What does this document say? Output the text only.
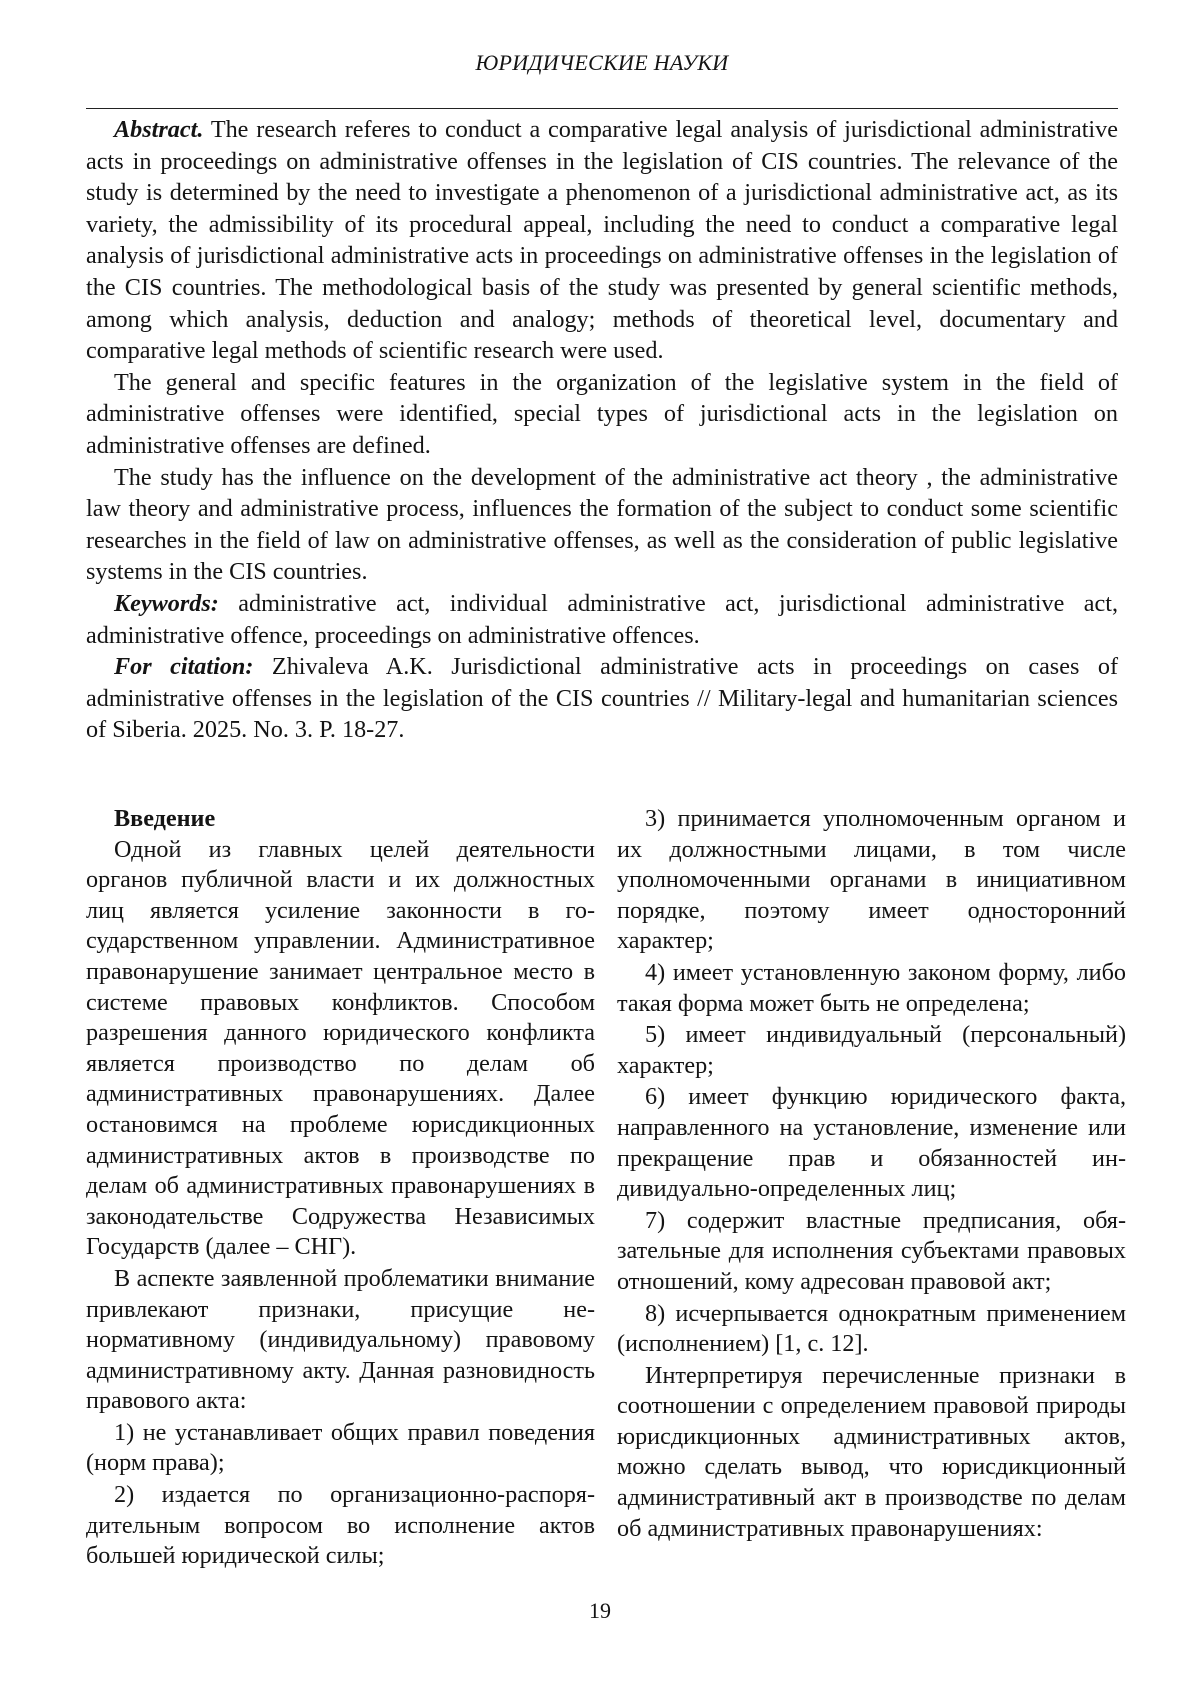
ЮРИДИЧЕСКИЕ НАУКИ

Abstract. The research referes to conduct a comparative legal analysis of jurisdictional administrative acts in proceedings on administrative offenses in the legislation of CIS countries. The relevance of the study is determined by the need to investigate a phenomenon of a jurisdictional administrative act, as its variety, the admissibility of its procedural appeal, including the need to conduct a comparative legal analysis of jurisdictional administrative acts in proceedings on administrative offenses in the legislation of the CIS countries. The methodological basis of the study was presented by general scientific methods, among which analysis, deduction and analogy; methods of theoretical level, documentary and comparative legal methods of scientific research were used.

The general and specific features in the organization of the legislative system in the field of administrative offenses were identified, special types of jurisdictional acts in the legislation on administrative offenses are defined.

The study has the influence on the development of the administrative act theory , the administrative law theory and administrative process, influences the formation of the subject to conduct some scientific researches in the field of law on administrative offenses, as well as the consideration of public legislative systems in the CIS countries.

Keywords: administrative act, individual administrative act, jurisdictional administrative act, administrative offence, proceedings on administrative offences.

For citation: Zhivaleva A.K. Jurisdictional administrative acts in proceedings on cases of administrative offenses in the legislation of the CIS countries // Military-legal and humanitarian sciences of Siberia. 2025. No. 3. P. 18-27.

Введение

Одной из главных целей деятельности органов публичной власти и их должностных лиц является усиление законности в государственном управлении. Административное правонарушение занимает центральное место в системе правовых конфликтов. Способом разрешения данного юридического конфликта является производство по делам об административных правонарушениях. Далее остановимся на проблеме юрисдикционных административных актов в производстве по делам об административных правонарушениях в законодательстве Содружества Независимых Государств (далее – СНГ).

В аспекте заявленной проблематики внимание привлекают признаки, присущие ненормативному (индивидуальному) правовому административному акту. Данная разновидность правового акта:

1) не устанавливает общих правил поведения (норм права);

2) издается по организационно-распорядительным вопросом во исполнение актов большей юридической силы;

3) принимается уполномоченным органом и их должностными лицами, в том числе уполномоченными органами в инициативном порядке, поэтому имеет односторонний характер;

4) имеет установленную законом форму, либо такая форма может быть не определена;

5) имеет индивидуальный (персональный) характер;

6) имеет функцию юридического факта, направленного на установление, изменение или прекращение прав и обязанностей индивидуально-определенных лиц;

7) содержит властные предписания, обязательные для исполнения субъектами правовых отношений, кому адресован правовой акт;

8) исчерпывается однократным применением (исполнением) [1, с. 12].

Интерпретируя перечисленные признаки в соотношении с определением правовой природы юрисдикционных административных актов, можно сделать вывод, что юрисдикционный административный акт в производстве по делам об административных правонарушениях:

19
